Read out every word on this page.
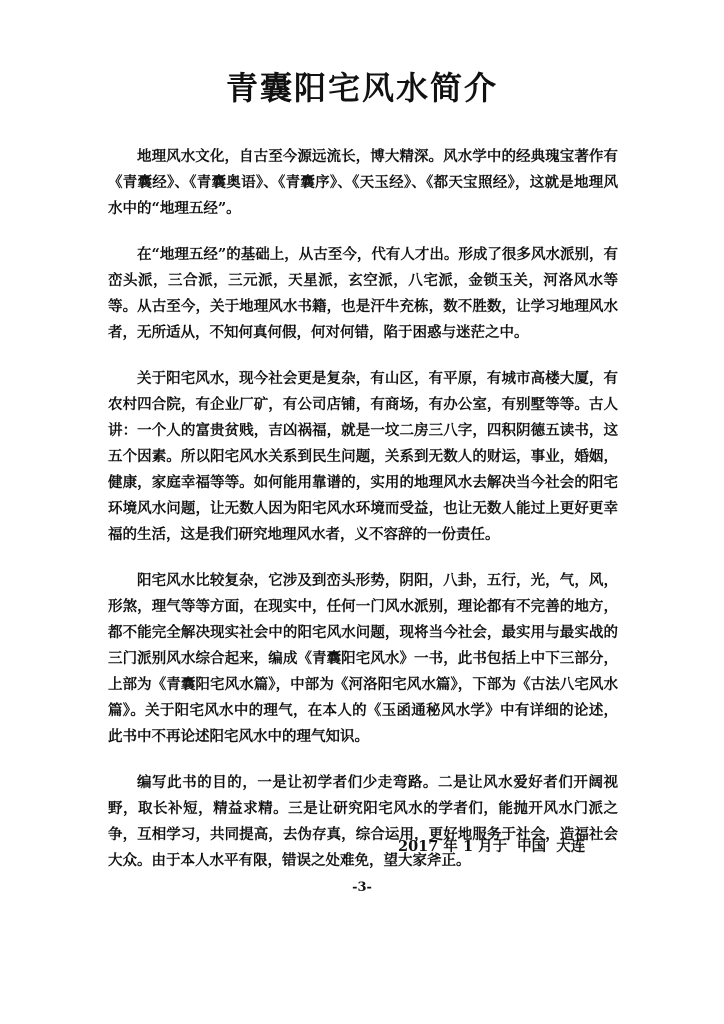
青囊阳宅风水简介

地理风水文化，自古至今源远流长，博大精深。风水学中的经典瑰宝著作有《青囊经》、《青囊奥语》、《青囊序》、《天玉经》、《都天宝照经》，这就是地理风水中的“地理五经”。

在“地理五经”的基础上，从古至今，代有人才出。形成了很多风水派别，有峦头派，三合派，三元派，天星派，玄空派，八宅派，金锁玉关，河洛风水等等。从古至今，关于地理风水书籍，也是汗牛充栋，数不胜数，让学习地理风水者，无所适从，不知何真何假，何对何错，陷于困惑与迷茫之中。

关于阳宅风水，现今社会更是复杂，有山区，有平原，有城市高楼大厦，有农村四合院，有企业厂矿，有公司店铺，有商场，有办公室，有别墅等等。古人讲：一个人的富贵贫贱，吉凶祸福，就是一坟二房三八字，四积阴德五读书，这五个因素。所以阳宅风水关系到民生问题，关系到无数人的财运，事业，婚姻，健康，家庭幸福等等。如何能用靠谱的，实用的地理风水去解决当今社会的阳宅环境风水问题，让无数人因为阳宅风水环境而受益，也让无数人能过上更好更幸福的生活，这是我们研究地理风水者，义不容辞的一份责任。

阳宅风水比较复杂，它涉及到峦头形势，阴阳，八卦，五行，光，气，风，形煞，理气等等方面，在现实中，任何一门风水派别，理论都有不完善的地方，都不能完全解决现实社会中的阳宅风水问题，现将当今社会，最实用与最实战的三门派别风水综合起来，编成《青囊阳宅风水》一书，此书包括上中下三部分，上部为《青囊阳宅风水篇》，中部为《河洛阳宅风水篇》，下部为《古法八宅风水篇》。关于阳宅风水中的理气，在本人的《玉函通秘风水学》中有详细的论述，此书中不再论述阳宅风水中的理气知识。

编写此书的目的，一是让初学者们少走弯路。二是让风水爱好者们开阔视野，取长补短，精益求精。三是让研究阳宅风水的学者们，能抛开风水门派之争，互相学习，共同提高，去伪存真，综合运用，更好地服务于社会，造福社会大众。由于本人水平有限，错误之处难免，望大家斧正。

2017 年 1 月于  中国  大连
-3-
